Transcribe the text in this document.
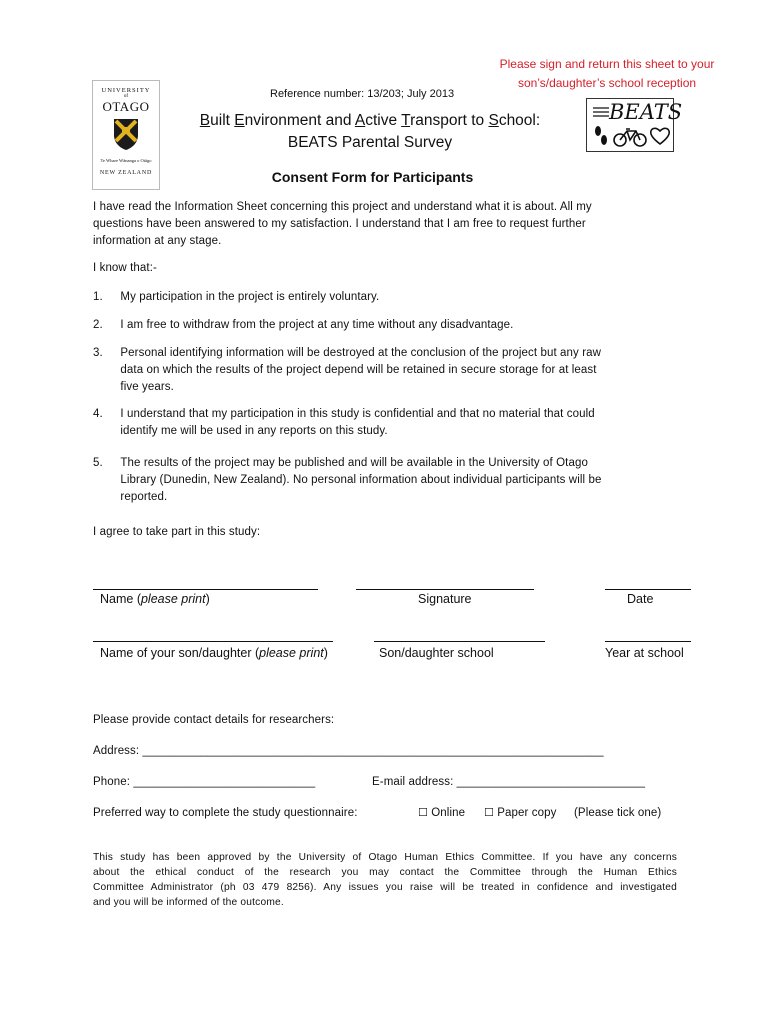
Please sign and return this sheet to your
son’s/daughter’s school reception
Reference number: 13/203; July 2013
UNIVERSITY
of
OTAGO
Te Whare Wānanga o Otāgo
NEW ZEALAND
BEATS
Built Environment and Active Transport to School:
BEATS Parental Survey
Consent Form for Participants
I have read the Information Sheet concerning this project and understand what it is about. All my
questions have been answered to my satisfaction. I understand that I am free to request further
information at any stage.
I know that:-
1.	My participation in the project is entirely voluntary.
2.	I am free to withdraw from the project at any time without any disadvantage.
3.	Personal identifying information will be destroyed at the conclusion of the project but any raw
data on which the results of the project depend will be retained in secure storage for at least
five years.
4.	I understand that my participation in this study is confidential and that no material that could
identify me will be used in any reports on this study.
5.	The results of the project may be published and will be available in the University of Otago
Library (Dunedin, New Zealand). No personal information about individual participants will be
reported.
I agree to take part in this study:
Name (please print)	Signature	Date
Name of your son/daughter (please print)	Son/daughter school	Year at school
Please provide contact details for researchers:
Address: _______________________________________________________________________
Phone: ____________________________	E-mail address: _____________________________
Preferred way to complete the study questionnaire:	☐ Online ☐ Paper copy (Please tick one)
This study has been approved by the University of Otago Human Ethics Committee. If you have any concerns
about the ethical conduct of the research you may contact the Committee through the Human Ethics
Committee Administrator (ph 03 479 8256). Any issues you raise will be treated in confidence and investigated
and you will be informed of the outcome.
